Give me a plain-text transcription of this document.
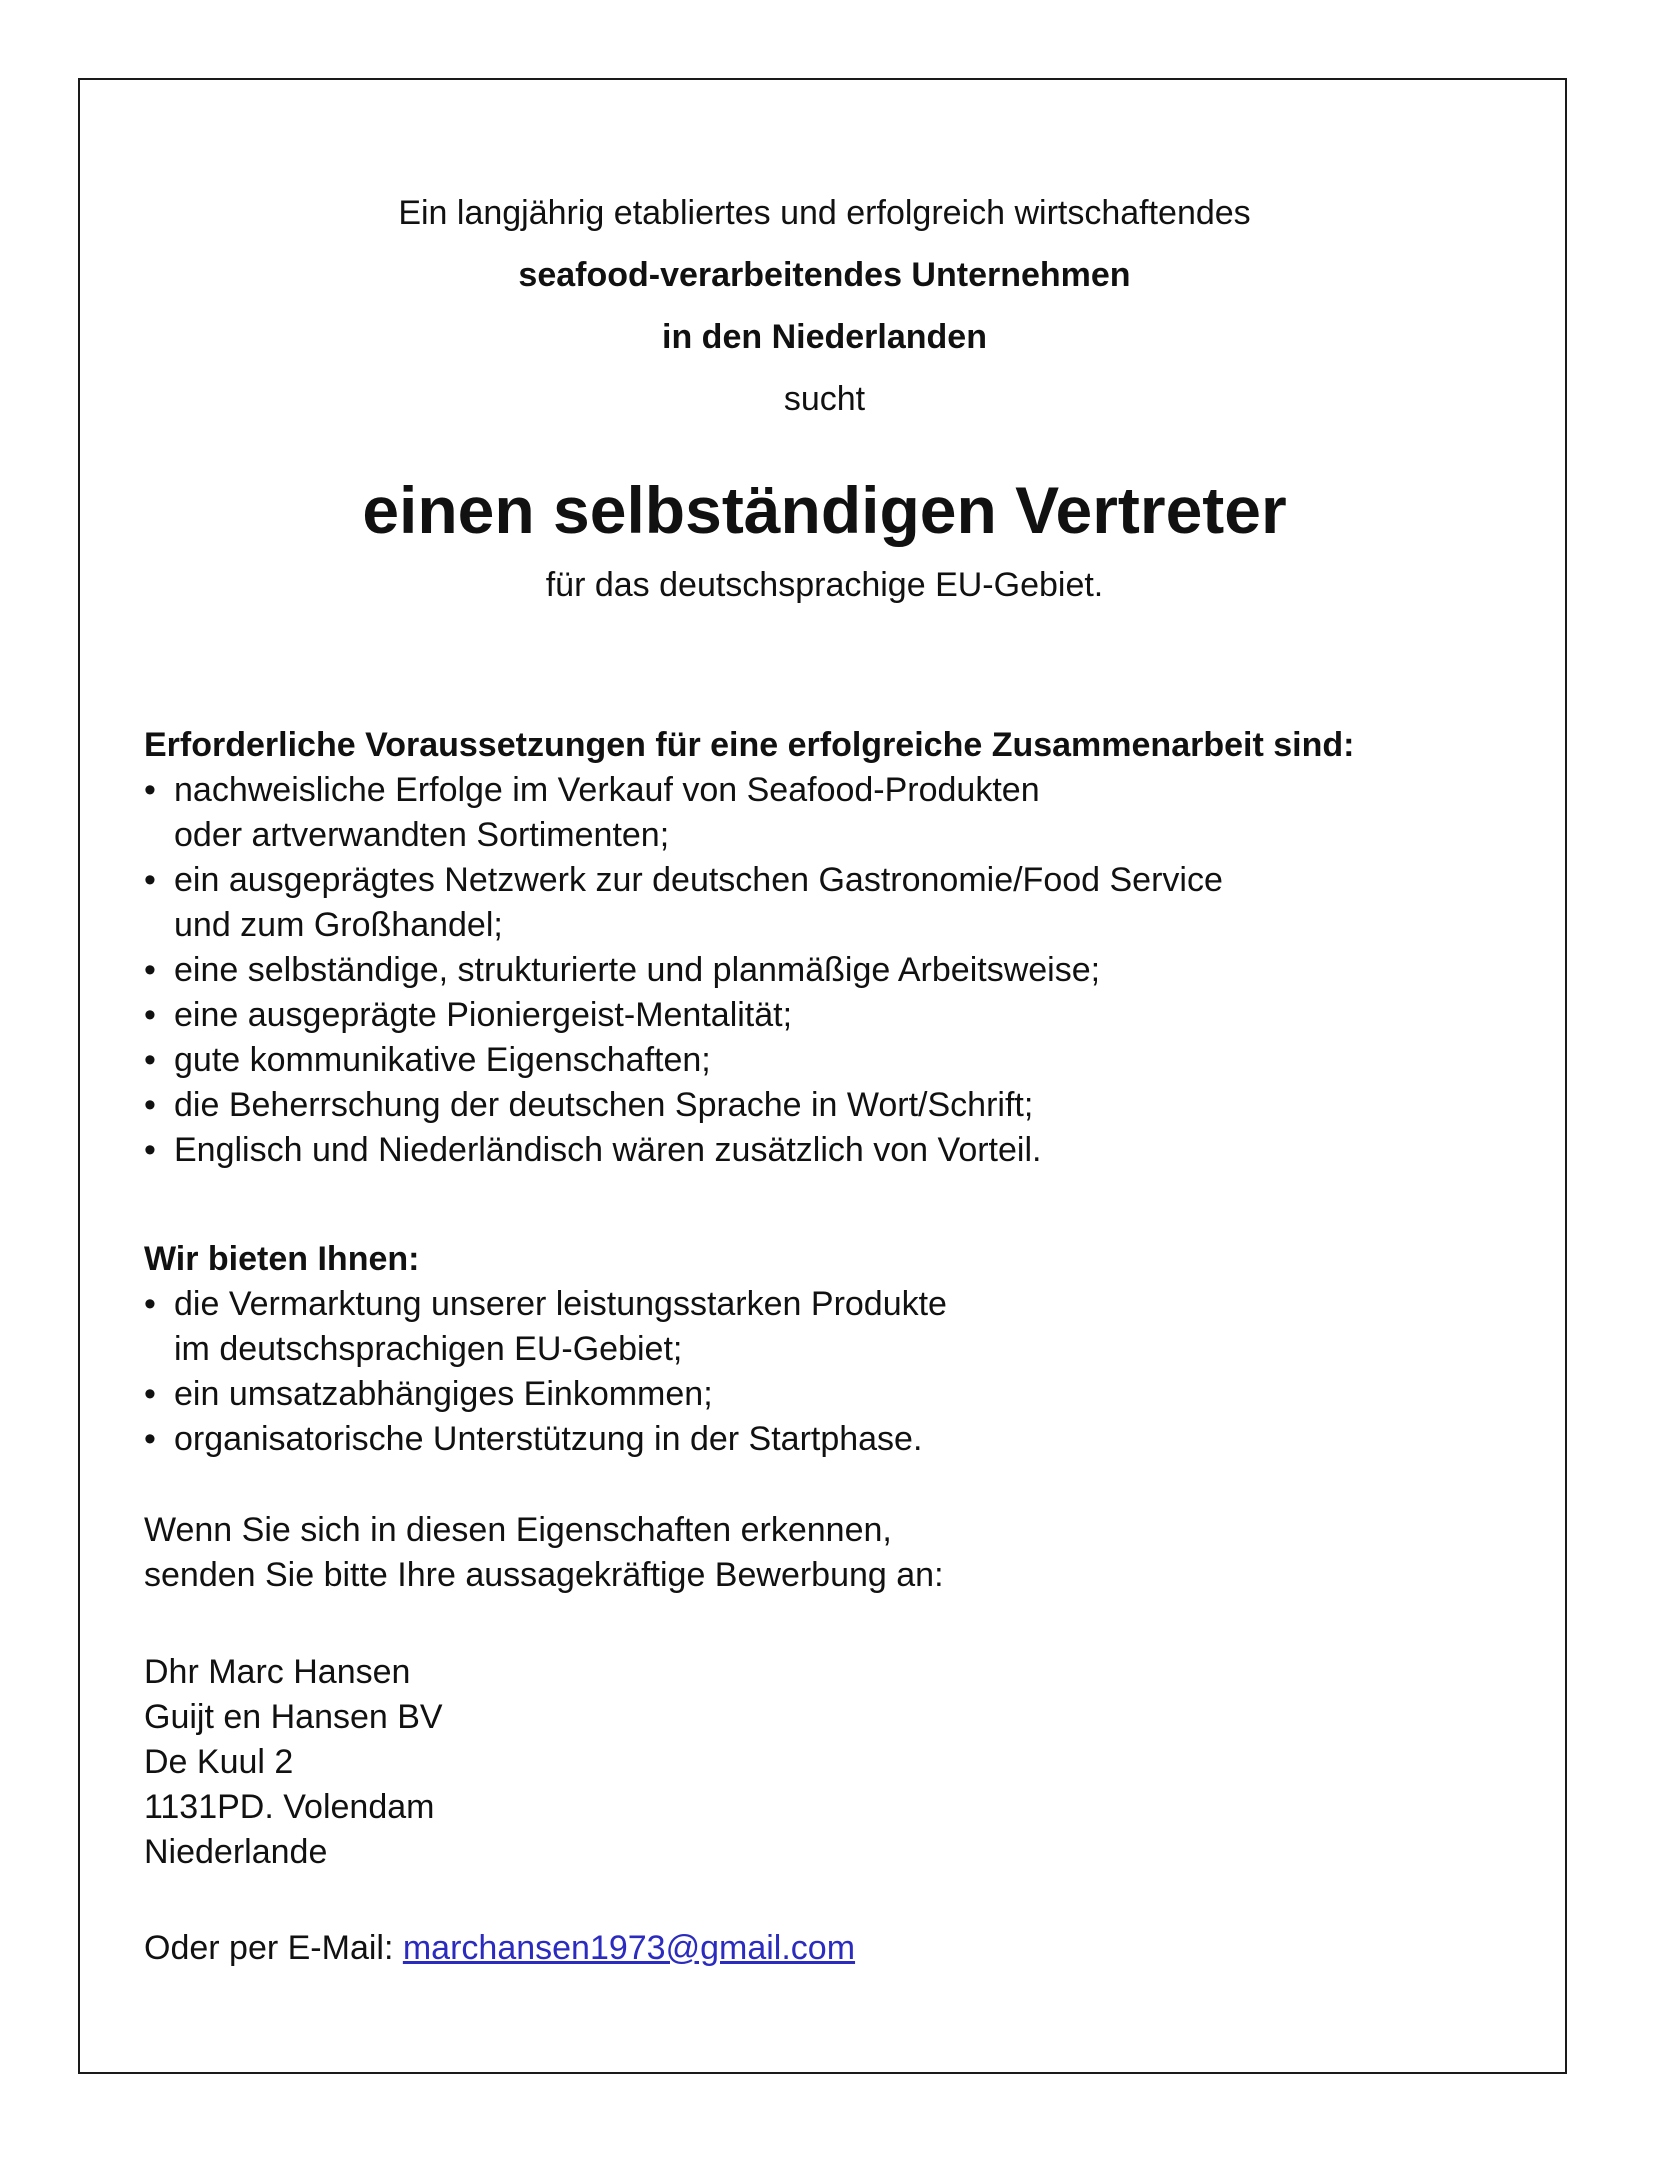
Ein langjährig etabliertes und erfolgreich wirtschaftendes
seafood-verarbeitendes Unternehmen
in den Niederlanden
sucht
einen selbständigen Vertreter
für das deutschsprachige EU-Gebiet.
Erforderliche Voraussetzungen für eine erfolgreiche Zusammenarbeit sind:
• nachweisliche Erfolge im Verkauf von Seafood-Produkten
oder artverwandten Sortimenten;
• ein ausgeprägtes Netzwerk zur deutschen Gastronomie/Food Service
und zum Großhandel;
• eine selbständige, strukturierte und planmäßige Arbeitsweise;
• eine ausgeprägte Pioniergeist-Mentalität;
• gute kommunikative Eigenschaften;
• die Beherrschung der deutschen Sprache in Wort/Schrift;
• Englisch und Niederländisch wären zusätzlich von Vorteil.
Wir bieten Ihnen:
• die Vermarktung unserer leistungsstarken Produkte
im deutschsprachigen EU-Gebiet;
• ein umsatzabhängiges Einkommen;
• organisatorische Unterstützung in der Startphase.
Wenn Sie sich in diesen Eigenschaften erkennen,
senden Sie bitte Ihre aussagekräftige Bewerbung an:
Dhr Marc Hansen
Guijt en Hansen BV
De Kuul 2
1131PD. Volendam
Niederlande
Oder per E-Mail: marchansen1973@gmail.com
